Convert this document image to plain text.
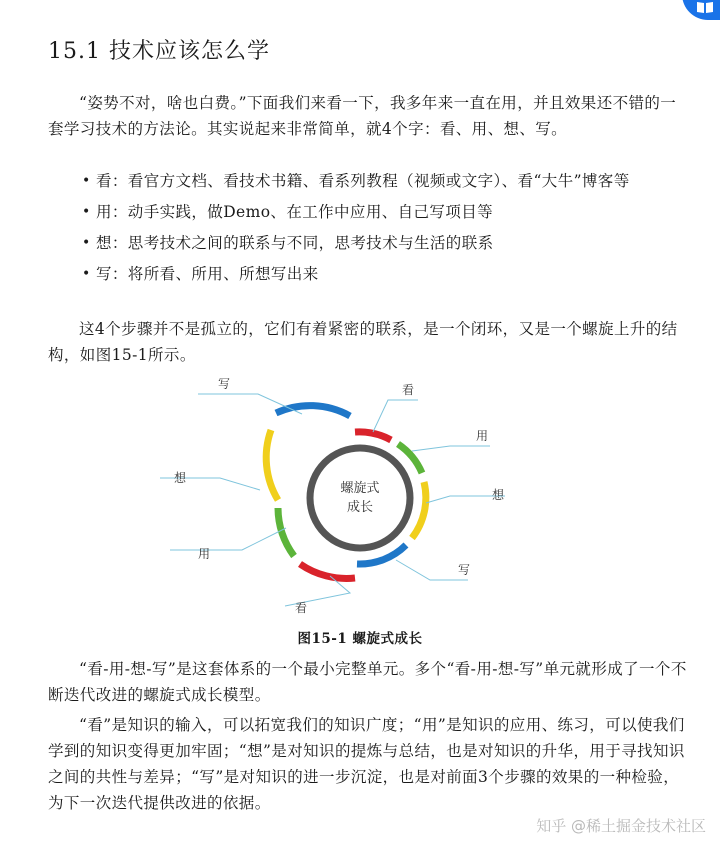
15.1 技术应该怎么学

“姿势不对，啥也白费。”下面我们来看一下，我多年来一直在用，并且效果还不错的一套学习技术的方法论。其实说起来非常简单，就4个字：看、用、想、写。

• 看：看官方文档、看技术书籍、看系列教程（视频或文字）、看“大牛”博客等
• 用：动手实践，做Demo、在工作中应用、自己写项目等
• 想：思考技术之间的联系与不同，思考技术与生活的联系
• 写：将所看、所用、所想写出来

这4个步骤并不是孤立的，它们有着紧密的联系，是一个闭环，又是一个螺旋上升的结构，如图15-1所示。

螺旋式
成长
看
用
想
写
写
想
用
看
图15-1 螺旋式成长

“看-用-想-写”是这套体系的一个最小完整单元。多个“看-用-想-写”单元就形成了一个不断迭代改进的螺旋式成长模型。

“看”是知识的输入，可以拓宽我们的知识广度；“用”是知识的应用、练习，可以使我们学到的知识变得更加牢固；“想”是对知识的提炼与总结，也是对知识的升华，用于寻找知识之间的共性与差异；“写”是对知识的进一步沉淀，也是对前面3个步骤的效果的一种检验，为下一次迭代提供改进的依据。

知乎 @稀土掘金技术社区
